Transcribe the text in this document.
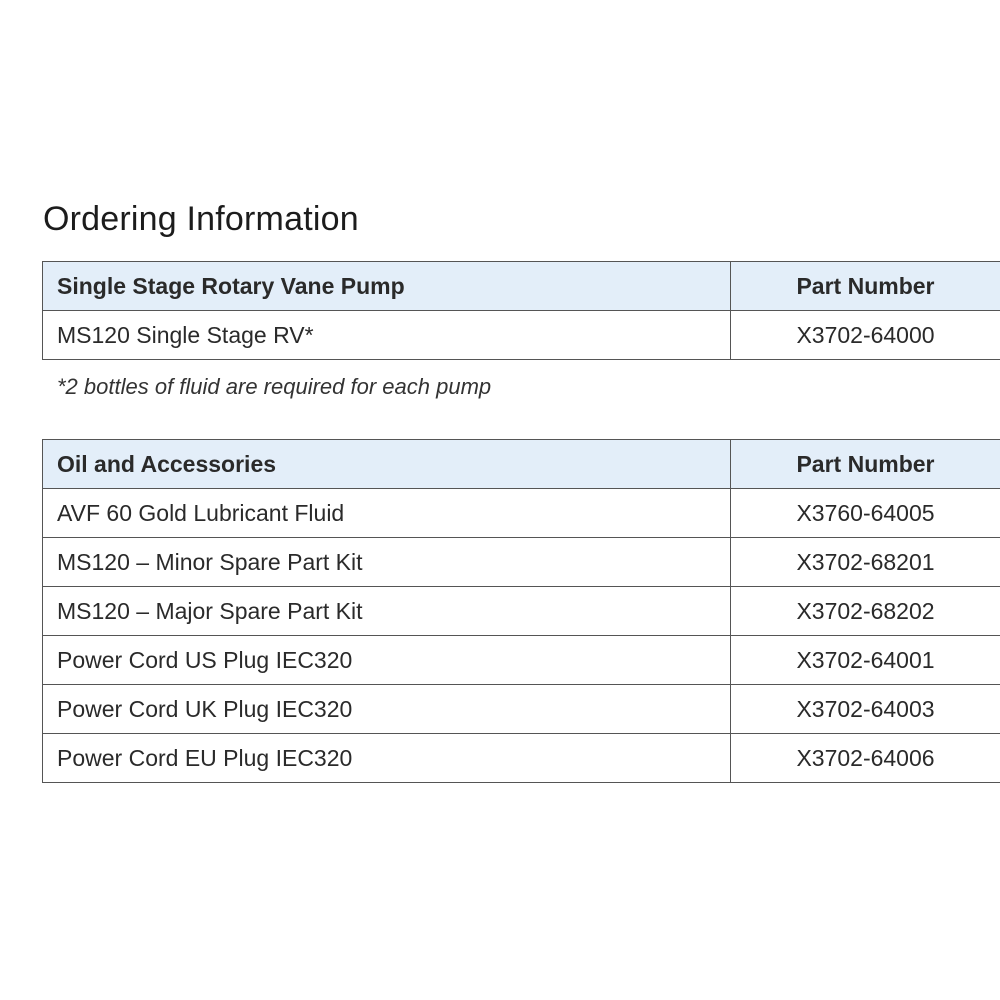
Ordering Information
Single Stage Rotary Vane Pump	Part Number
MS120 Single Stage RV*	X3702-64000
*2 bottles of fluid are required for each pump
Oil and Accessories	Part Number
AVF 60 Gold Lubricant Fluid	X3760-64005
MS120 – Minor Spare Part Kit	X3702-68201
MS120 – Major Spare Part Kit	X3702-68202
Power Cord US Plug IEC320	X3702-64001
Power Cord UK Plug IEC320	X3702-64003
Power Cord EU Plug IEC320	X3702-64006
